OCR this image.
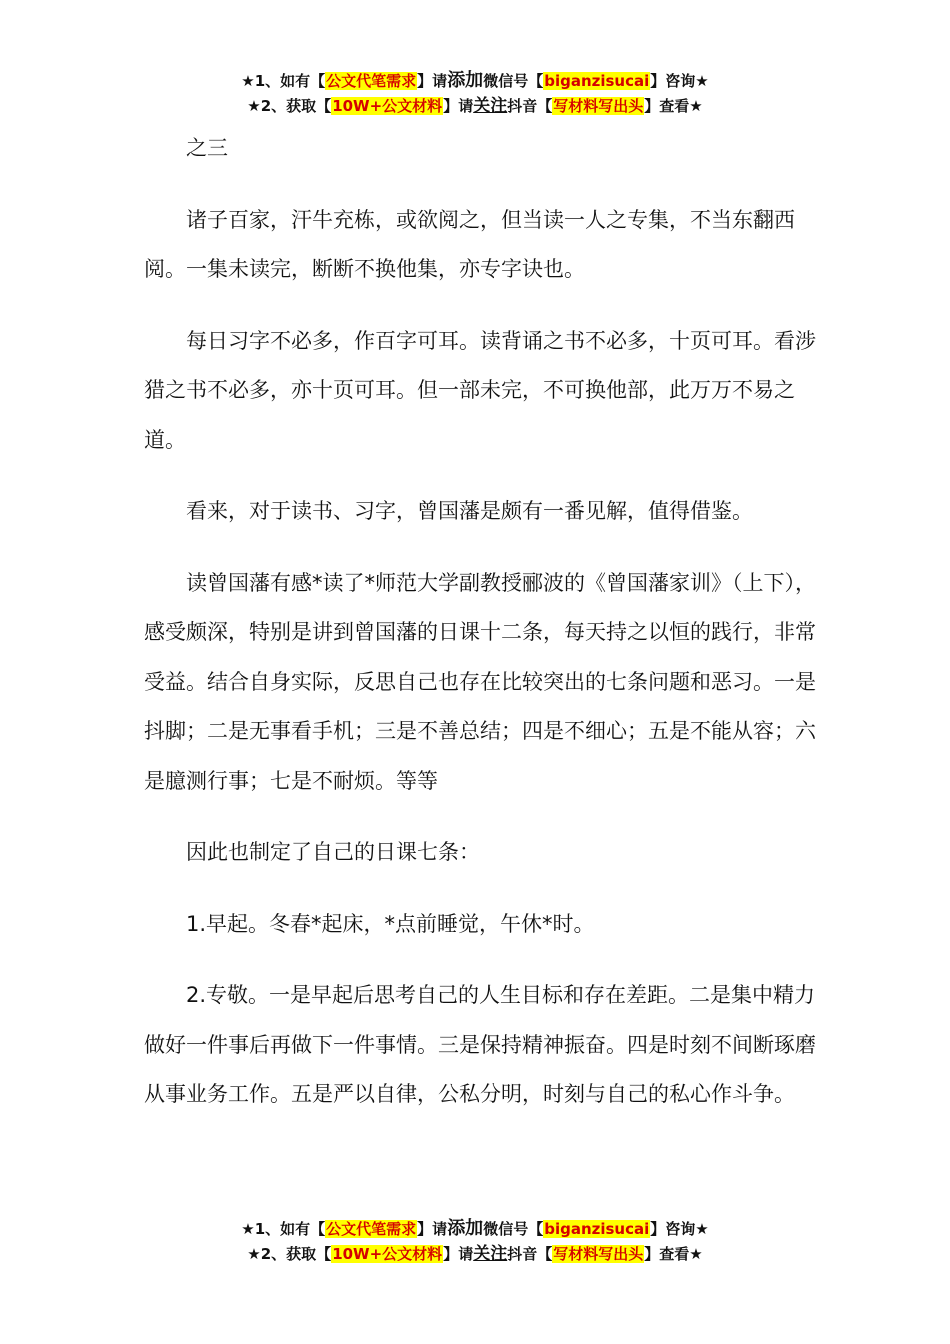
★1、如有【公文代笔需求】请添加微信号【biganzisucai】咨询★
★2、获取【10W+公文材料】请关注抖音【写材料写出头】查看★

之三

诸子百家，汗牛充栋，或欲阅之，但当读一人之专集，不当东翻西阅。一集未读完，断断不换他集，亦专字诀也。

每日习字不必多，作百字可耳。读背诵之书不必多，十页可耳。看涉猎之书不必多，亦十页可耳。但一部未完，不可换他部，此万万不易之道。

看来，对于读书、习字，曾国藩是颇有一番见解，值得借鉴。

读曾国藩有感*读了*师范大学副教授郦波的《曾国藩家训》（上下），感受颇深，特别是讲到曾国藩的日课十二条，每天持之以恒的践行，非常受益。结合自身实际，反思自己也存在比较突出的七条问题和恶习。一是抖脚；二是无事看手机；三是不善总结；四是不细心；五是不能从容；六是臆测行事；七是不耐烦。等等

因此也制定了自己的日课七条：

1.早起。冬春*起床，*点前睡觉，午休*时。

2.专敬。一是早起后思考自己的人生目标和存在差距。二是集中精力做好一件事后再做下一件事情。三是保持精神振奋。四是时刻不间断琢磨从事业务工作。五是严以自律，公私分明，时刻与自己的私心作斗争。

★1、如有【公文代笔需求】请添加微信号【biganzisucai】咨询★
★2、获取【10W+公文材料】请关注抖音【写材料写出头】查看★
